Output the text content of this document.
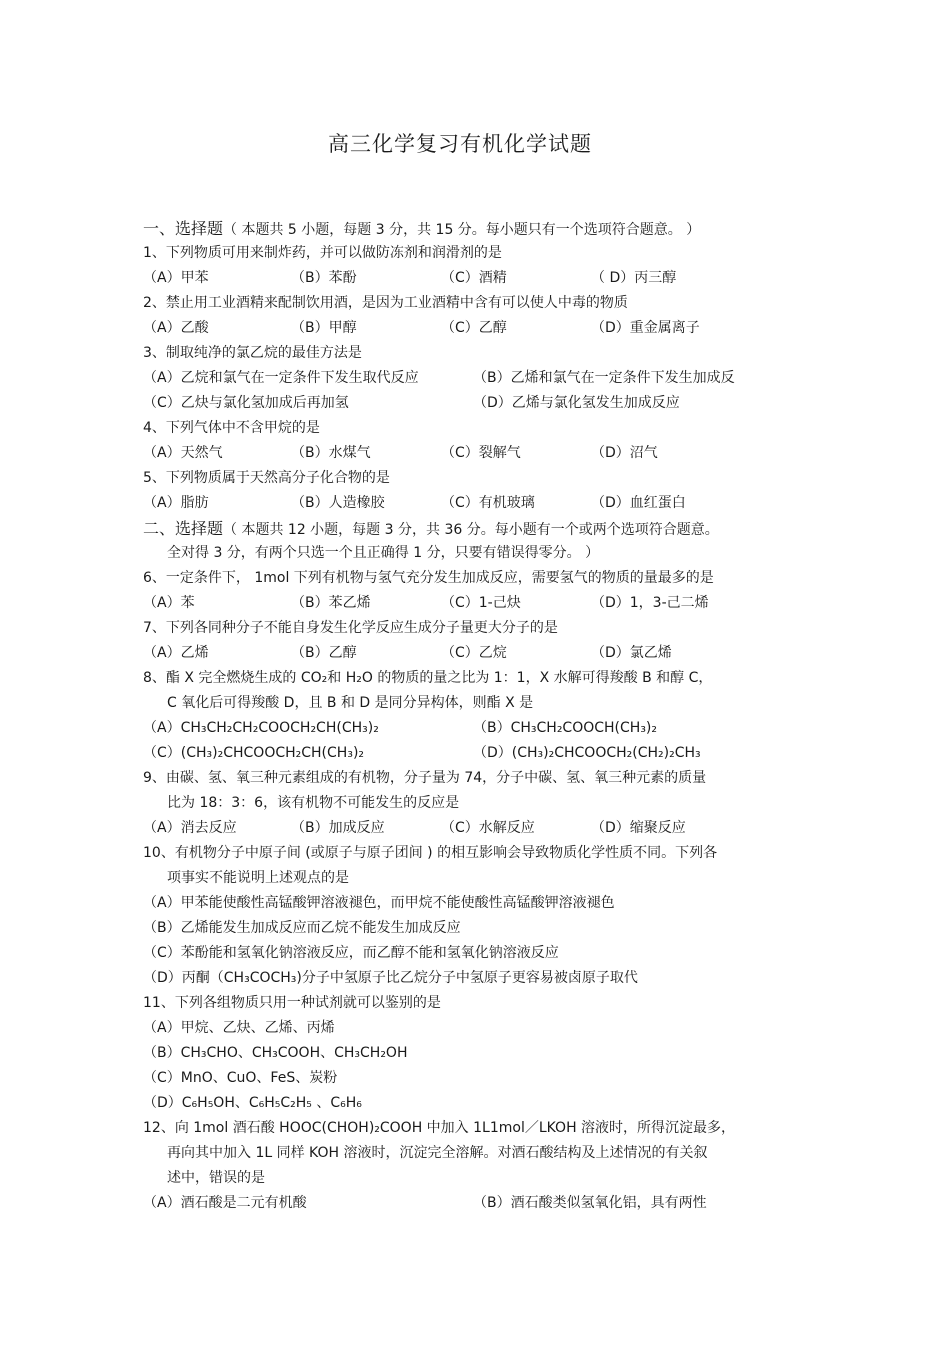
高三化学复习有机化学试题
一、选择题（ 本题共 5 小题，每题 3 分，共 15 分。每小题只有一个选项符合题意。 ）
1、下列物质可用来制炸药，并可以做防冻剂和润滑剂的是
（A）甲苯	（B）苯酚	（C）酒精	（ D）丙三醇
2、禁止用工业酒精来配制饮用酒，是因为工业酒精中含有可以使人中毒的物质
（A）乙酸	（B）甲醇	（C）乙醇	（D）重金属离子
3、制取纯净的氯乙烷的最佳方法是
（A）乙烷和氯气在一定条件下发生取代反应	（B）乙烯和氯气在一定条件下发生加成反
（C）乙炔与氯化氢加成后再加氢	（D）乙烯与氯化氢发生加成反应
4、下列气体中不含甲烷的是
（A）天然气	（B）水煤气	（C）裂解气	（D）沼气
5、下列物质属于天然高分子化合物的是
（A）脂肪	（B）人造橡胶	（C）有机玻璃	（D）血红蛋白
二、选择题（ 本题共 12 小题，每题 3 分，共 36 分。每小题有一个或两个选项符合题意。
全对得 3 分，有两个只选一个且正确得 1 分，只要有错误得零分。 ）
6、一定条件下， 1mol 下列有机物与氢气充分发生加成反应，需要氢气的物质的量最多的是
（A）苯	（B）苯乙烯	（C）1-己炔	（D）1，3-己二烯
7、下列各同种分子不能自身发生化学反应生成分子量更大分子的是
（A）乙烯	（B）乙醇	（C）乙烷	（D）氯乙烯
8、酯 X 完全燃烧生成的 CO₂和 H₂O 的物质的量之比为 1：1，X 水解可得羧酸 B 和醇 C，
C 氧化后可得羧酸 D，且 B 和 D 是同分异构体，则酯 X 是
（A）CH₃CH₂CH₂COOCH₂CH(CH₃)₂	（B）CH₃CH₂COOCH(CH₃)₂
（C）(CH₃)₂CHCOOCH₂CH(CH₃)₂	（D）(CH₃)₂CHCOOCH₂(CH₂)₂CH₃
9、由碳、氢、氧三种元素组成的有机物，分子量为 74，分子中碳、氢、氧三种元素的质量
比为 18：3：6，该有机物不可能发生的反应是
（A）消去反应	（B）加成反应	（C）水解反应	（D）缩聚反应
10、有机物分子中原子间 (或原子与原子团间 ) 的相互影响会导致物质化学性质不同。下列各
项事实不能说明上述观点的是
（A）甲苯能使酸性高锰酸钾溶液褪色，而甲烷不能使酸性高锰酸钾溶液褪色
（B）乙烯能发生加成反应而乙烷不能发生加成反应
（C）苯酚能和氢氧化钠溶液反应，而乙醇不能和氢氧化钠溶液反应
（D）丙酮（CH₃COCH₃)分子中氢原子比乙烷分子中氢原子更容易被卤原子取代
11、下列各组物质只用一种试剂就可以鉴别的是
（A）甲烷、乙炔、乙烯、丙烯
（B）CH₃CHO、CH₃COOH、CH₃CH₂OH
（C）MnO、CuO、FeS、炭粉
（D）C₆H₅OH、C₆H₅C₂H₅ 、C₆H₆
12、向 1mol 酒石酸 HOOC(CHOH)₂COOH 中加入 1L1mol／LKOH 溶液时，所得沉淀最多，
再向其中加入 1L 同样 KOH 溶液时，沉淀完全溶解。对酒石酸结构及上述情况的有关叙
述中，错误的是
（A）酒石酸是二元有机酸	（B）酒石酸类似氢氧化铝，具有两性
